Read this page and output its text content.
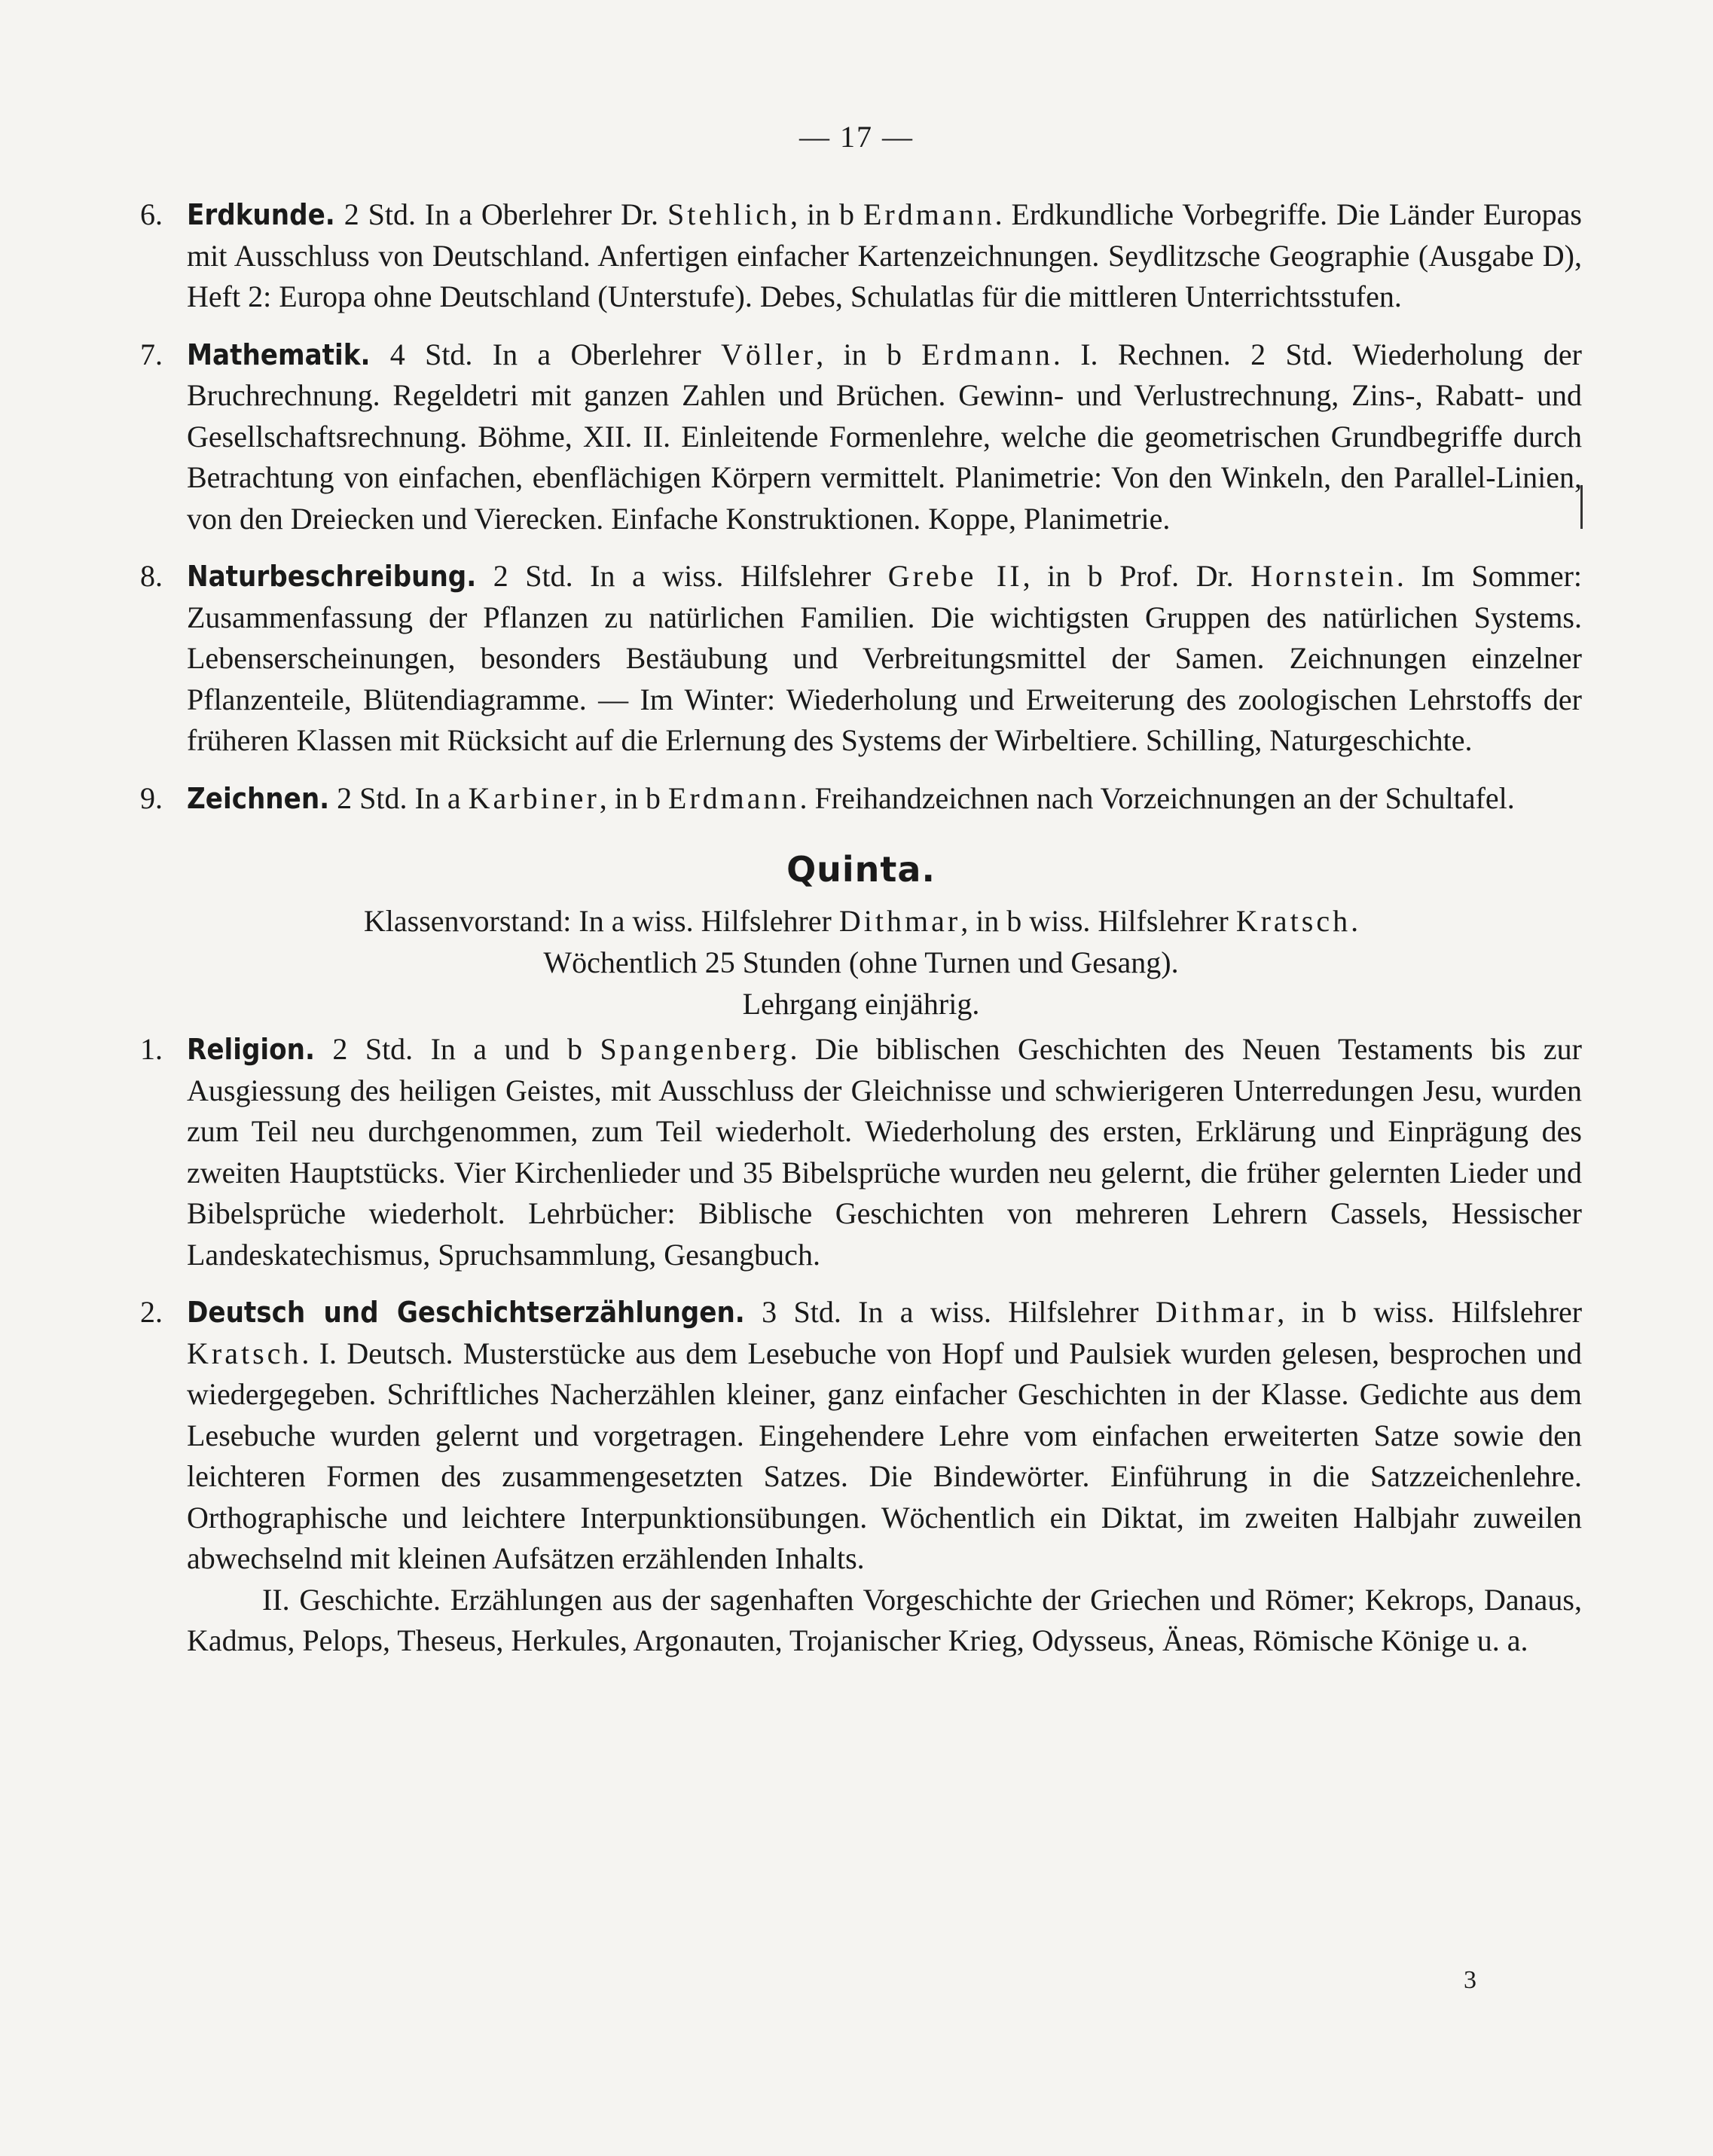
— 17 —
6. Erdkunde. 2 Std. In a Oberlehrer Dr. Stehlich, in b Erdmann. Erdkundliche Vorbegriffe. Die Länder Europas mit Ausschluss von Deutschland. Anfertigen einfacher Kartenzeichnungen. Seydlitzsche Geographie (Ausgabe D), Heft 2: Europa ohne Deutschland (Unterstufe). Debes, Schulatlas für die mittleren Unterrichtsstufen.
7. Mathematik. 4 Std. In a Oberlehrer Völler, in b Erdmann. I. Rechnen. 2 Std. Wiederholung der Bruchrechnung. Regeldetri mit ganzen Zahlen und Brüchen. Gewinn- und Verlustrechnung, Zins-, Rabatt- und Gesellschaftsrechnung. Böhme, XII. II. Einleitende Formenlehre, welche die geometrischen Grundbegriffe durch Betrachtung von einfachen, ebenflächigen Körpern vermittelt. Planimetrie: Von den Winkeln, den Parallel-Linien, von den Dreiecken und Vierecken. Einfache Konstruktionen. Koppe, Planimetrie.
8. Naturbeschreibung. 2 Std. In a wiss. Hilfslehrer Grebe II, in b Prof. Dr. Hornstein. Im Sommer: Zusammenfassung der Pflanzen zu natürlichen Familien. Die wichtigsten Gruppen des natürlichen Systems. Lebenserscheinungen, besonders Bestäubung und Verbreitungsmittel der Samen. Zeichnungen einzelner Pflanzenteile, Blütendiagramme. — Im Winter: Wiederholung und Erweiterung des zoologischen Lehrstoffs der früheren Klassen mit Rücksicht auf die Erlernung des Systems der Wirbeltiere. Schilling, Naturgeschichte.
9. Zeichnen. 2 Std. In a Karbiner, in b Erdmann. Freihandzeichnen nach Vorzeichnungen an der Schultafel.
Quinta.
Klassenvorstand: In a wiss. Hilfslehrer Dithmar, in b wiss. Hilfslehrer Kratsch.
Wöchentlich 25 Stunden (ohne Turnen und Gesang).
Lehrgang einjährig.
1. Religion. 2 Std. In a und b Spangenberg. Die biblischen Geschichten des Neuen Testaments bis zur Ausgiessung des heiligen Geistes, mit Ausschluss der Gleichnisse und schwierigeren Unterredungen Jesu, wurden zum Teil neu durchgenommen, zum Teil wiederholt. Wiederholung des ersten, Erklärung und Einprägung des zweiten Hauptstücks. Vier Kirchenlieder und 35 Bibelsprüche wurden neu gelernt, die früher gelernten Lieder und Bibelsprüche wiederholt. Lehrbücher: Biblische Geschichten von mehreren Lehrern Cassels, Hessischer Landeskatechismus, Spruchsammlung, Gesangbuch.
2. Deutsch und Geschichtserzählungen. 3 Std. In a wiss. Hilfslehrer Dithmar, in b wiss. Hilfslehrer Kratsch. I. Deutsch. Musterstücke aus dem Lesebuche von Hopf und Paulsiek wurden gelesen, besprochen und wiedergegeben. Schriftliches Nacherzählen kleiner, ganz einfacher Geschichten in der Klasse. Gedichte aus dem Lesebuche wurden gelernt und vorgetragen. Eingehendere Lehre vom einfachen erweiterten Satze sowie den leichteren Formen des zusammengesetzten Satzes. Die Bindewörter. Einführung in die Satzzeichenlehre. Orthographische und leichtere Interpunktionsübungen. Wöchentlich ein Diktat, im zweiten Halbjahr zuweilen abwechselnd mit kleinen Aufsätzen erzählenden Inhalts.
II. Geschichte. Erzählungen aus der sagenhaften Vorgeschichte der Griechen und Römer; Kekrops, Danaus, Kadmus, Pelops, Theseus, Herkules, Argonauten, Trojanischer Krieg, Odysseus, Äneas, Römische Könige u. a.
3
